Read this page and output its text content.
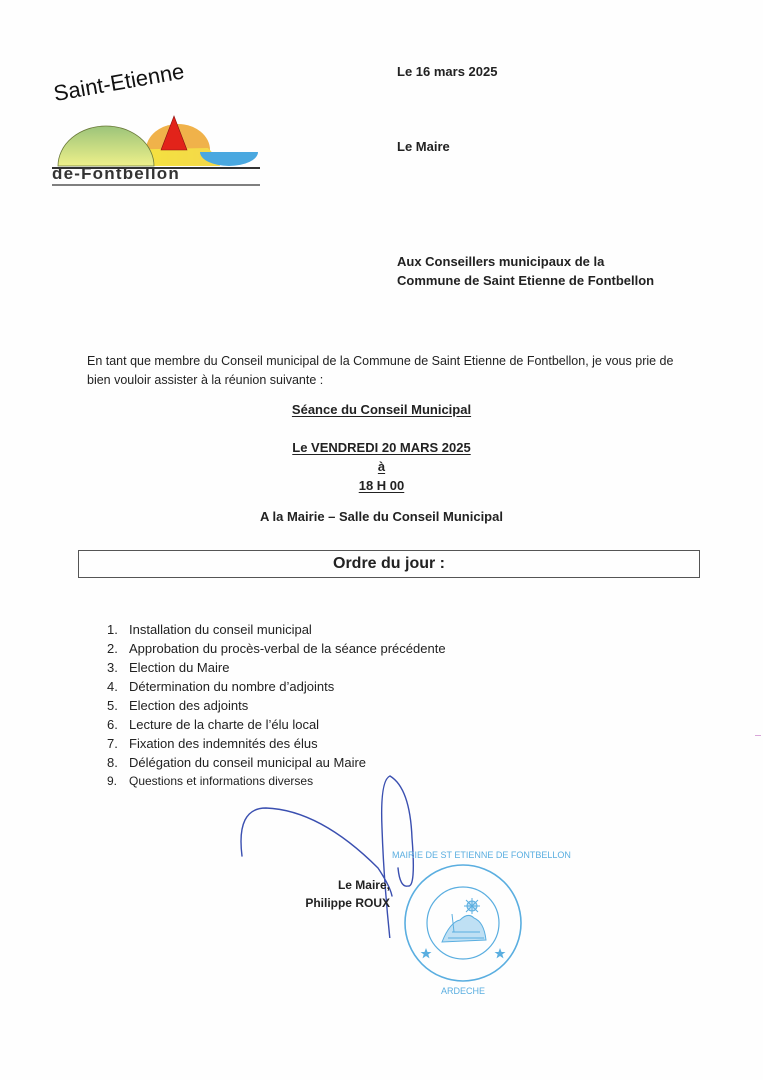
Saint-Etienne
de-Fontbellon
Le 16 mars 2025
Le Maire
Aux Conseillers municipaux de la
Commune de Saint Etienne de Fontbellon
En tant que membre du Conseil municipal de la Commune de Saint Etienne de Fontbellon, je vous prie de
bien vouloir assister à la réunion suivante :
Séance du Conseil Municipal
Le VENDREDI 20 MARS 2025
à
18 H 00
A la Mairie – Salle du Conseil Municipal
Ordre du jour :
1. Installation du conseil municipal
2. Approbation du procès-verbal de la séance précédente
3. Election du Maire
4. Détermination du nombre d’adjoints
5. Election des adjoints
6. Lecture de la charte de l’élu local
7. Fixation des indemnités des élus
8. Délégation du conseil municipal au Maire
9. Questions et informations diverses
MAIRIE DE ST ETIENNE DE FONTBELLON
ARDECHE
Le Maire,
Philippe ROUX
